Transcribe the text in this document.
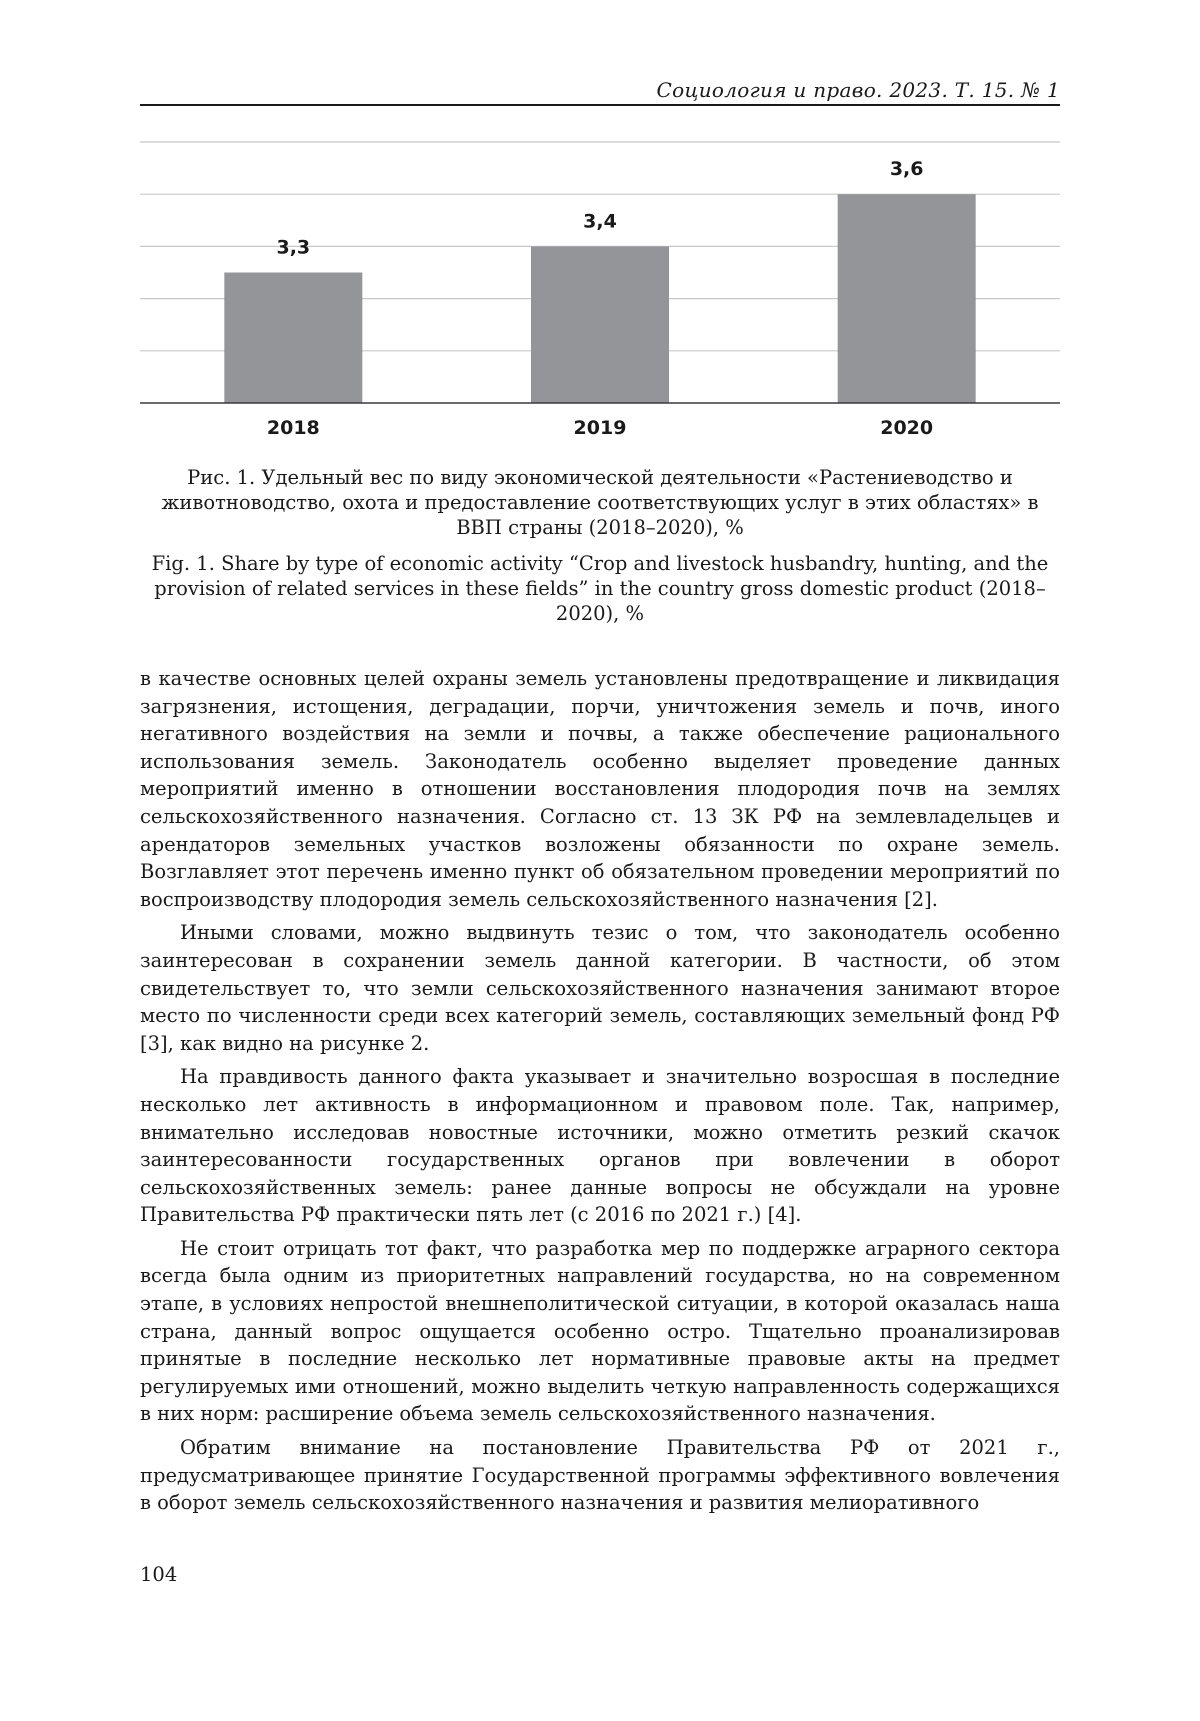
Социология и право. 2023. Т. 15. № 1
3,3
2018
3,4
2019
3,6
2020
Рис. 1. Удельный вес по виду экономической деятельности «Растениеводство и животноводство, охота и предоставление соответствующих услуг в этих областях» в ВВП страны (2018–2020), %
Fig. 1. Share by type of economic activity “Crop and livestock husbandry, hunting, and the provision of related services in these fields” in the country gross domestic product (2018–2020), %

в качестве основных целей охраны земель установлены предотвращение и ликвидация загрязнения, истощения, деградации, порчи, уничтожения земель и почв, иного негативного воздействия на земли и почвы, а также обеспечение рационального использования земель. Законодатель особенно выделяет проведение данных мероприятий именно в отношении восстановления плодородия почв на землях сельскохозяйственного назначения. Согласно ст. 13 ЗК РФ на землевладельцев и арендаторов земельных участков возложены обязанности по охране земель. Возглавляет этот перечень именно пункт об обязательном проведении мероприятий по воспроизводству плодородия земель сельскохозяйственного назначения [2].

Иными словами, можно выдвинуть тезис о том, что законодатель особенно заинтересован в сохранении земель данной категории. В частности, об этом свидетельствует то, что земли сельскохозяйственного назначения занимают второе место по численности среди всех категорий земель, составляющих земельный фонд РФ [3], как видно на рисунке 2.

На правдивость данного факта указывает и значительно возросшая в последние несколько лет активность в информационном и правовом поле. Так, например, внимательно исследовав новостные источники, можно отметить резкий скачок заинтересованности государственных органов при вовлечении в оборот сельскохозяйственных земель: ранее данные вопросы не обсуждали на уровне Правительства РФ практически пять лет (с 2016 по 2021 г.) [4].

Не стоит отрицать тот факт, что разработка мер по поддержке аграрного сектора всегда была одним из приоритетных направлений государства, но на современном этапе, в условиях непростой внешнеполитической ситуации, в которой оказалась наша страна, данный вопрос ощущается особенно остро. Тщательно проанализировав принятые в последние несколько лет нормативные правовые акты на предмет регулируемых ими отношений, можно выделить четкую направленность содержащихся в них норм: расширение объема земель сельскохозяйственного назначения.

Обратим внимание на постановление Правительства РФ от 2021 г., предусматривающее принятие Государственной программы эффективного вовлечения в оборот земель сельскохозяйственного назначения и развития мелиоративного

104
